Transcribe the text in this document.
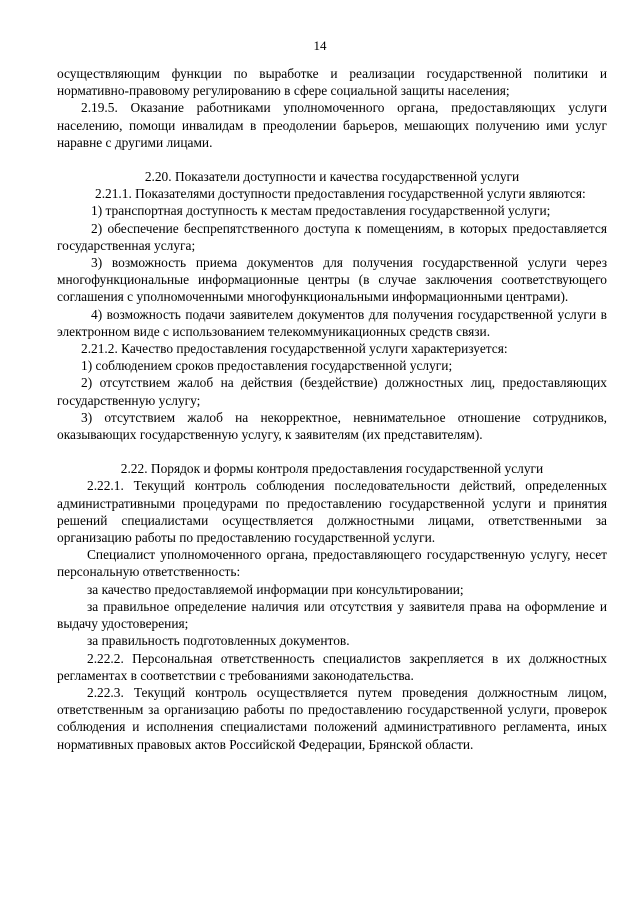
14

осуществляющим функции по выработке и реализации государственной политики и нормативно-правовому регулированию в сфере социальной защиты населения;

2.19.5. Оказание работниками уполномоченного органа, предоставляющих услуги населению, помощи инвалидам в преодолении барьеров, мешающих получению ими услуг наравне с другими лицами.

2.20. Показатели доступности и качества государственной услуги

2.21.1. Показателями доступности предоставления государственной услуги являются:

1) транспортная доступность к местам предоставления государственной услуги;

2) обеспечение беспрепятственного доступа к помещениям, в которых предоставляется государственная услуга;

3) возможность приема документов для получения государственной услуги через многофункциональные информационные центры (в случае заключения соответствующего соглашения с уполномоченными многофункциональными информационными центрами).

4) возможность подачи заявителем документов для получения государственной услуги в электронном виде с использованием телекоммуникационных средств связи.

2.21.2. Качество предоставления государственной услуги характеризуется:

1) соблюдением сроков предоставления государственной услуги;

2) отсутствием жалоб на действия (бездействие) должностных лиц, предоставляющих государственную услугу;

3) отсутствием жалоб на некорректное, невнимательное отношение сотрудников, оказывающих государственную услугу, к заявителям (их представителям).

2.22. Порядок и формы контроля предоставления государственной услуги

2.22.1. Текущий контроль соблюдения последовательности действий, определенных административными процедурами по предоставлению государственной услуги и принятия решений специалистами осуществляется должностными лицами, ответственными за организацию работы по предоставлению государственной услуги.

Специалист уполномоченного органа, предоставляющего государственную услугу, несет персональную ответственность:

за качество предоставляемой информации при консультировании;

за правильное определение наличия или отсутствия у заявителя права на оформление и выдачу удостоверения;

за правильность подготовленных документов.

2.22.2. Персональная ответственность специалистов закрепляется в их должностных регламентах в соответствии с требованиями законодательства.

2.22.3. Текущий контроль осуществляется путем проведения должностным лицом, ответственным за организацию работы по предоставлению государственной услуги, проверок соблюдения и исполнения специалистами положений административного регламента, иных нормативных правовых актов Российской Федерации, Брянской области.
